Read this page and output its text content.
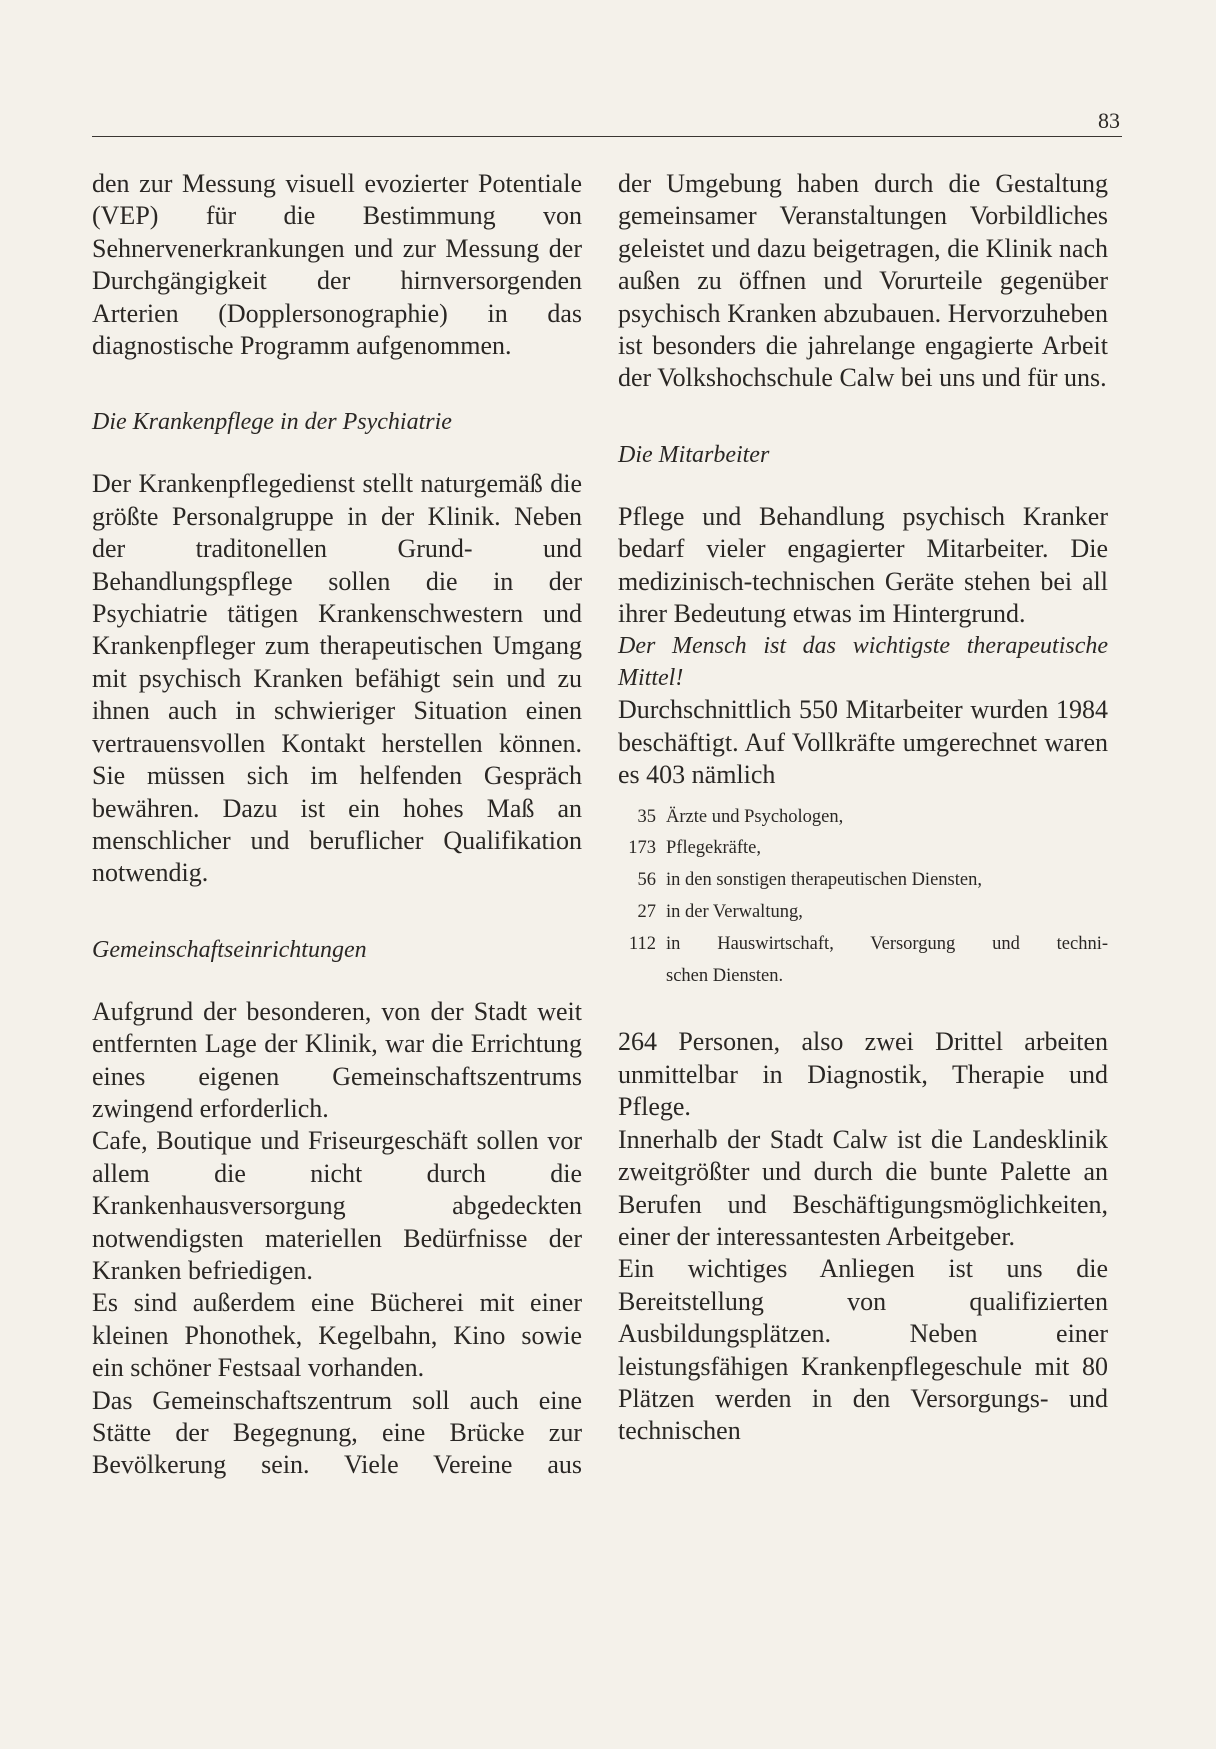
83

den zur Messung visuell evozierter Potentiale (VEP) für die Bestimmung von Sehnervenerkrankungen und zur Messung der Durchgängigkeit der hirnversorgenden Arterien (Dopplersonographie) in das diagnostische Programm aufgenommen.

Die Krankenpflege in der Psychiatrie

Der Krankenpflegedienst stellt naturgemäß die größte Personalgruppe in der Klinik. Neben der traditonellen Grund- und Behandlungspflege sollen die in der Psychiatrie tätigen Krankenschwestern und Krankenpfleger zum therapeutischen Umgang mit psychisch Kranken befähigt sein und zu ihnen auch in schwieriger Situation einen vertrauensvollen Kontakt herstellen können. Sie müssen sich im helfenden Gespräch bewähren. Dazu ist ein hohes Maß an menschlicher und beruflicher Qualifikation notwendig.

Gemeinschaftseinrichtungen

Aufgrund der besonderen, von der Stadt weit entfernten Lage der Klinik, war die Errichtung eines eigenen Gemeinschaftszentrums zwingend erforderlich.

Cafe, Boutique und Friseurgeschäft sollen vor allem die nicht durch die Krankenhausversorgung abgedeckten notwendigsten materiellen Bedürfnisse der Kranken befriedigen.

Es sind außerdem eine Bücherei mit einer kleinen Phonothek, Kegelbahn, Kino sowie ein schöner Festsaal vorhanden.

Das Gemeinschaftszentrum soll auch eine Stätte der Begegnung, eine Brücke zur Bevölkerung sein. Viele Vereine aus

der Umgebung haben durch die Gestaltung gemeinsamer Veranstaltungen Vorbildliches geleistet und dazu beigetragen, die Klinik nach außen zu öffnen und Vorurteile gegenüber psychisch Kranken abzubauen. Hervorzuheben ist besonders die jahrelange engagierte Arbeit der Volkshochschule Calw bei uns und für uns.

Die Mitarbeiter

Pflege und Behandlung psychisch Kranker bedarf vieler engagierter Mitarbeiter. Die medizinisch-technischen Geräte stehen bei all ihrer Bedeutung etwas im Hintergrund.

Der Mensch ist das wichtigste therapeutische Mittel!

Durchschnittlich 550 Mitarbeiter wurden 1984 beschäftigt. Auf Vollkräfte umgerechnet waren es 403 nämlich

35 Ärzte und Psychologen,
173 Pflegekräfte,
56 in den sonstigen therapeutischen Diensten,
27 in der Verwaltung,
112 in Hauswirtschaft, Versorgung und techni-
schen Diensten.

264 Personen, also zwei Drittel arbeiten unmittelbar in Diagnostik, Therapie und Pflege.

Innerhalb der Stadt Calw ist die Landesklinik zweitgrößter und durch die bunte Palette an Berufen und Beschäftigungsmöglichkeiten, einer der interessantesten Arbeitgeber.

Ein wichtiges Anliegen ist uns die Bereitstellung von qualifizierten Ausbildungsplätzen. Neben einer leistungsfähigen Krankenpflegeschule mit 80 Plätzen werden in den Versorgungs- und technischen
